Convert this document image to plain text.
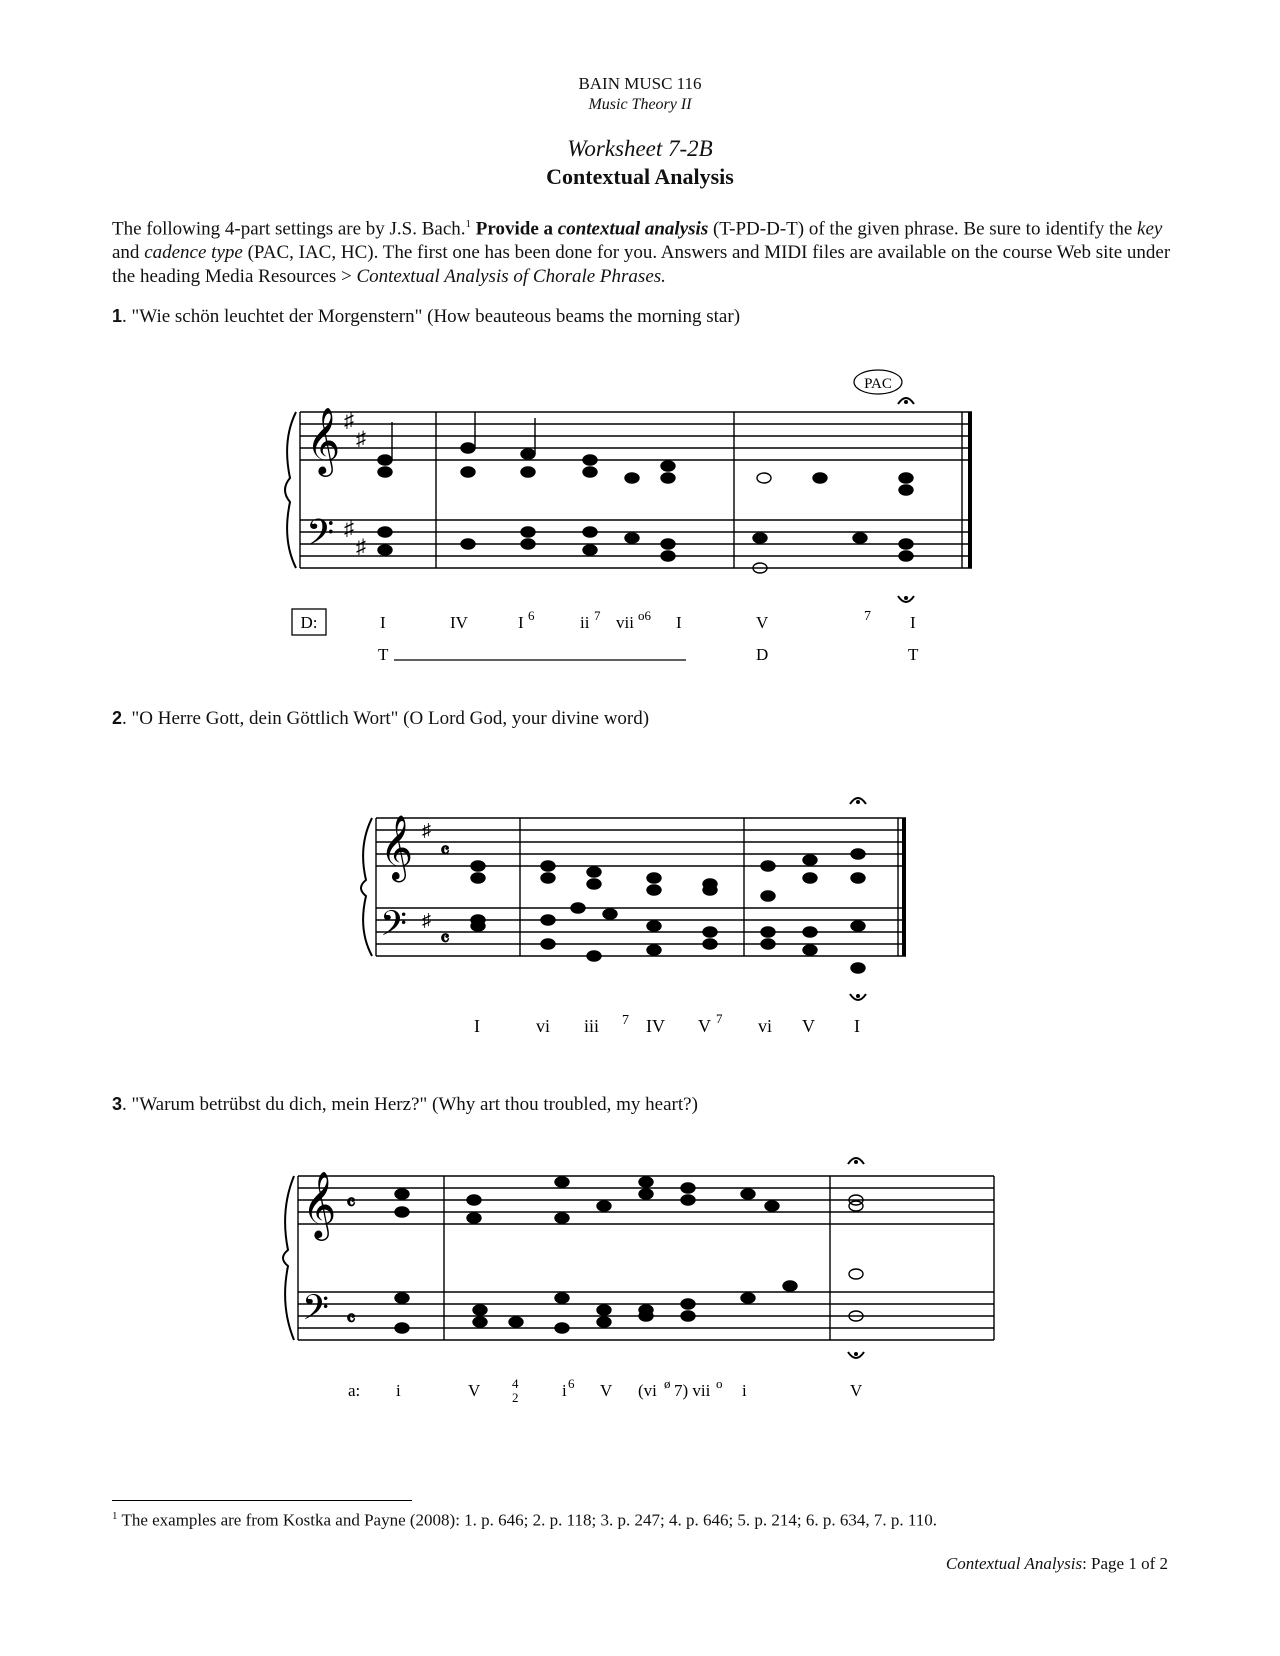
BAIN MUSC 116
Music Theory II
Worksheet 7-2B
Contextual Analysis
The following 4-part settings are by J.S. Bach.$^1$ Provide a contextual analysis (T-PD-D-T) of the given phrase. Be sure to identify the key and cadence type (PAC, IAC, HC). The first one has been done for you. Answers and MIDI files are available on the course Web site under the heading Media Resources > Contextual Analysis of Chorale Phrases.
1. "Wie schön leuchtet der Morgenstern" (How beauteous beams the morning star)
𝄞
𝄢
♯
♯
♯
♯
PAC
D:	I	IV	I 6	ii 7 vii o6 I	V	7 I
T	D	T
2. "O Herre Gott, dein Göttlich Wort" (O Lord God, your divine word)
𝄞
𝄢
♯
♯
𝄴
𝄴
I	vi iii 7 IV V 7 vi V I
3. "Warum betrübst du dich, mein Herz?" (Why art thou troubled, my heart?)
𝄞
𝄢
𝄴
𝄴
a: i	V 4
2	i 6 V (vi ø 7) vii o i	V
$^1$ The examples are from Kostka and Payne (2008): 1. p. 646; 2. p. 118; 3. p. 247; 4. p. 646; 5. p. 214; 6. p. 634, 7. p. 110.
Contextual Analysis: Page 1 of 2
